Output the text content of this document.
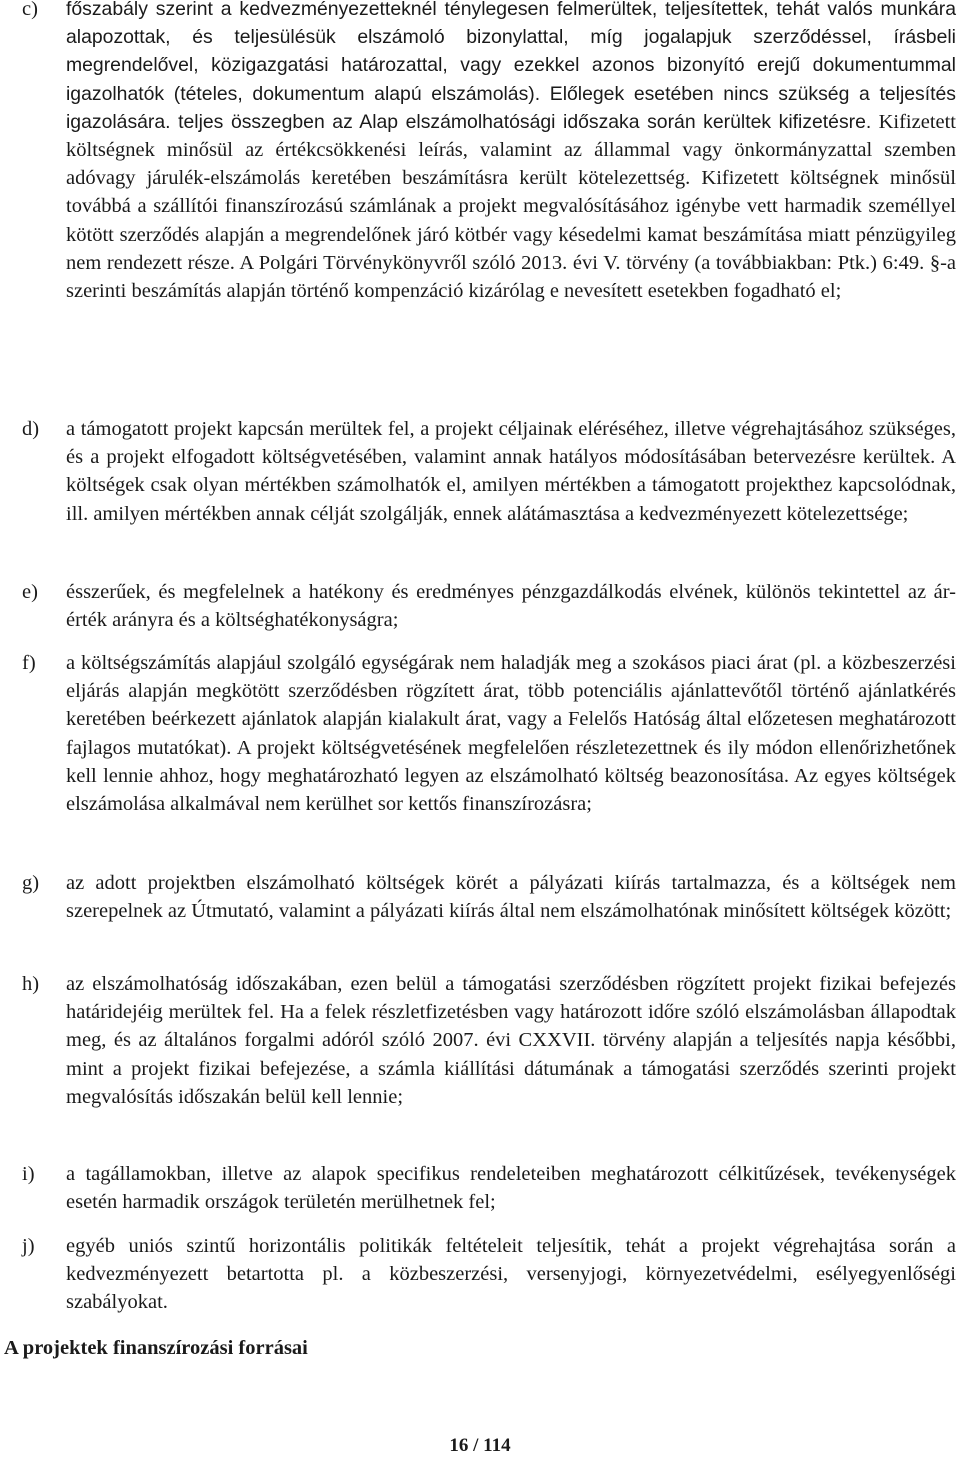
c)	főszabály szerint a kedvezményezetteknél ténylegesen felmerültek, teljesítettek, tehát valós munkára alapozottak, és teljesülésük elszámoló bizonylattal, míg jogalapjuk szerződéssel, írásbeli megrendelővel, közigazgatási határozattal, vagy ezekkel azonos bizonyító erejű dokumentummal igazolhatók (tételes, dokumentum alapú elszámolás). Előlegek esetében nincs szükség a teljesítés igazolására. teljes összegben az Alap elszámolhatósági időszaka során kerültek kifizetésre. Kifizetett költségnek minősül az értékcsökkenési leírás, valamint az állammal vagy önkormányzattal szemben adóvagy járulék-elszámolás keretében beszámításra került kötelezettség. Kifizetett költségnek minősül továbbá a szállítói finanszírozású számlának a projekt megvalósításához igénybe vett harmadik személlyel kötött szerződés alapján a megrendelőnek járó kötbér vagy késedelmi kamat beszámítása miatt pénzügyileg nem rendezett része. A Polgári Törvénykönyvről szóló 2013. évi V. törvény (a továbbiakban: Ptk.) 6:49. §-a szerinti beszámítás alapján történő kompenzáció kizárólag e nevesített esetekben fogadható el;
d)	a támogatott projekt kapcsán merültek fel, a projekt céljainak eléréséhez, illetve végrehajtásához szükséges, és a projekt elfogadott költségvetésében, valamint annak hatályos módosításában betervezésre kerültek. A költségek csak olyan mértékben számolhatók el, amilyen mértékben a támogatott projekthez kapcsolódnak, ill. amilyen mértékben annak célját szolgálják, ennek alátámasztása a kedvezményezett kötelezettsége;
e)	ésszerűek, és megfelelnek a hatékony és eredményes pénzgazdálkodás elvének, különös tekintettel az ár-érték arányra és a költséghatékonyságra;
f)	a költségszámítás alapjául szolgáló egységárak nem haladják meg a szokásos piaci árat (pl. a közbeszerzési eljárás alapján megkötött szerződésben rögzített árat, több potenciális ajánlattevőtől történő ajánlatkérés keretében beérkezett ajánlatok alapján kialakult árat, vagy a Felelős Hatóság által előzetesen meghatározott fajlagos mutatókat). A projekt költségvetésének megfelelően részletezettnek és ily módon ellenőrizhetőnek kell lennie ahhoz, hogy meghatározható legyen az elszámolható költség beazonosítása. Az egyes költségek elszámolása alkalmával nem kerülhet sor kettős finanszírozásra;
g)	az adott projektben elszámolható költségek körét a pályázati kiírás tartalmazza, és a költségek nem szerepelnek az Útmutató, valamint a pályázati kiírás által nem elszámolhatónak minősített költségek között;
h)	az elszámolhatóság időszakában, ezen belül a támogatási szerződésben rögzített projekt fizikai befejezés határidejéig merültek fel. Ha a felek részletfizetésben vagy határozott időre szóló elszámolásban állapodtak meg, és az általános forgalmi adóról szóló 2007. évi CXXVII. törvény alapján a teljesítés napja későbbi, mint a projekt fizikai befejezése, a számla kiállítási dátumának a támogatási szerződés szerinti projekt megvalósítás időszakán belül kell lennie;
i)	a tagállamokban, illetve az alapok specifikus rendeleteiben meghatározott célkitűzések, tevékenységek esetén harmadik országok területén merülhetnek fel;
j)	egyéb uniós szintű horizontális politikák feltételeit teljesítik, tehát a projekt végrehajtása során a kedvezményezett betartotta pl. a közbeszerzési, versenyjogi, környezetvédelmi, esélyegyenlőségi szabályokat.
A projektek finanszírozási forrásai
16 / 114
